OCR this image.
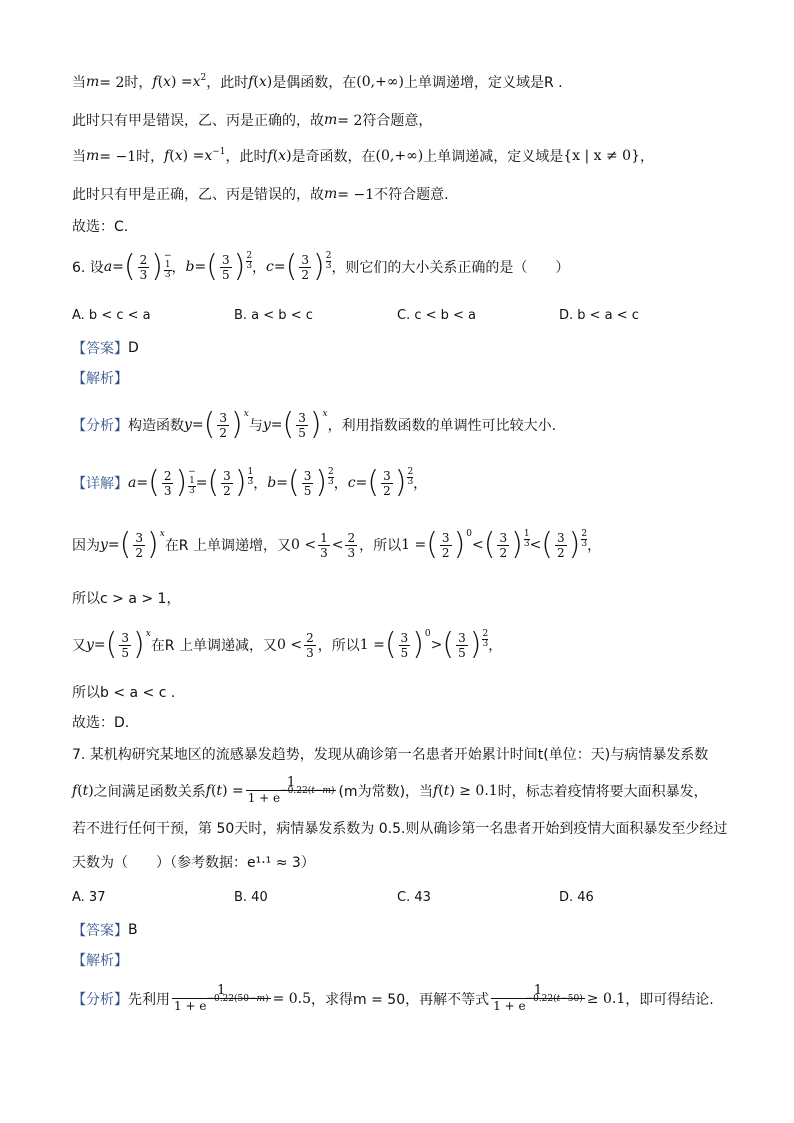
当 m = 2时， f ( x ) = $x^2$ ，此时 f ( x ) 是偶函数，在 (0,+∞) 上单调递增，定义域是R .
此时只有甲是错误，乙、丙是正确的，故 m = 2符合题意，
当 m = −1时， f ( x ) = $x^{-1}$ ，此时 f ( x ) 是奇函数，在 (0,+∞) 上单调递减，定义域是 {x | x ≠ 0} ，
此时只有甲是正确，乙、丙是错误的，故 m = −1不符合题意.
故选：C.
6. 设 a = ( $\frac{2}{3}$ ) −
1
3 ， b = ( $\frac{3}{5}$ ) 2
3 ， c = ( $\frac{3}{2}$ ) 2
3 ，则它们的大小关系正确的是（　　）
A. b < c < a	B. a < b < c	C. c < b < a	D. b < a < c
【答案】 D
【解析】
【分析】 构造函数 y = ( $\frac{3}{2}$ ) x
与 y = ( $\frac{3}{5}$ ) x
，利用指数函数的单调性可比较大小.
【详解】 a = ( $\frac{2}{3}$ ) −
1
3 = ( $\frac{3}{2}$ ) 1
3 ， b = ( $\frac{3}{5}$ ) 2
3 ， c = ( $\frac{3}{2}$ ) 2
3 ，
因为 y = ( $\frac{3}{2}$ ) x
在R 上单调递增，又 $0 < \frac{1}{3} < \frac{2}{3}$ ，所以 1 = ( $\frac{3}{2}$ ) 0
< ( $\frac{3}{2}$ ) 1
3 < ( $\frac{3}{2}$ ) 2
3 ，
所以c > a > 1，
又 y = ( $\frac{3}{5}$ ) x
在R 上单调递减，又 $0 < \frac{2}{3}$ ，所以 1 = ( $\frac{3}{5}$ ) 0
> ( $\frac{3}{5}$ ) 2
3 ，
所以b < a < c .
故选：D.
7. 某机构研究某地区的流感暴发趋势，发现从确诊第一名患者开始累计时间t(单位：天)与病情暴发系数
f ( t ) 之间满足函数关系 f ( t ) = $\frac{1}{1 + e^{-0.22(t-m)}} (m$为常数)，当 f ( t ) ≥ 0.1 时，标志着疫情将要大面积暴发，
若不进行任何干预，第 50天时，病情暴发系数为 0.5.则从确诊第一名患者开始到疫情大面积暴发至少经过
天数为（　　）（参考数据：e¹·¹ ≈ 3）
A. 37	B. 40	C. 43	D. 46
【答案】 B
【解析】
【分析】 先利用 $\frac{1}{1 + e^{-0.22(50-m)}} = 0.5$ ，求得m = 50，再解不等式 $\frac{1}{1 + e^{-0.22(t-50)}} \ge 0.1$ ，即可得结论.
